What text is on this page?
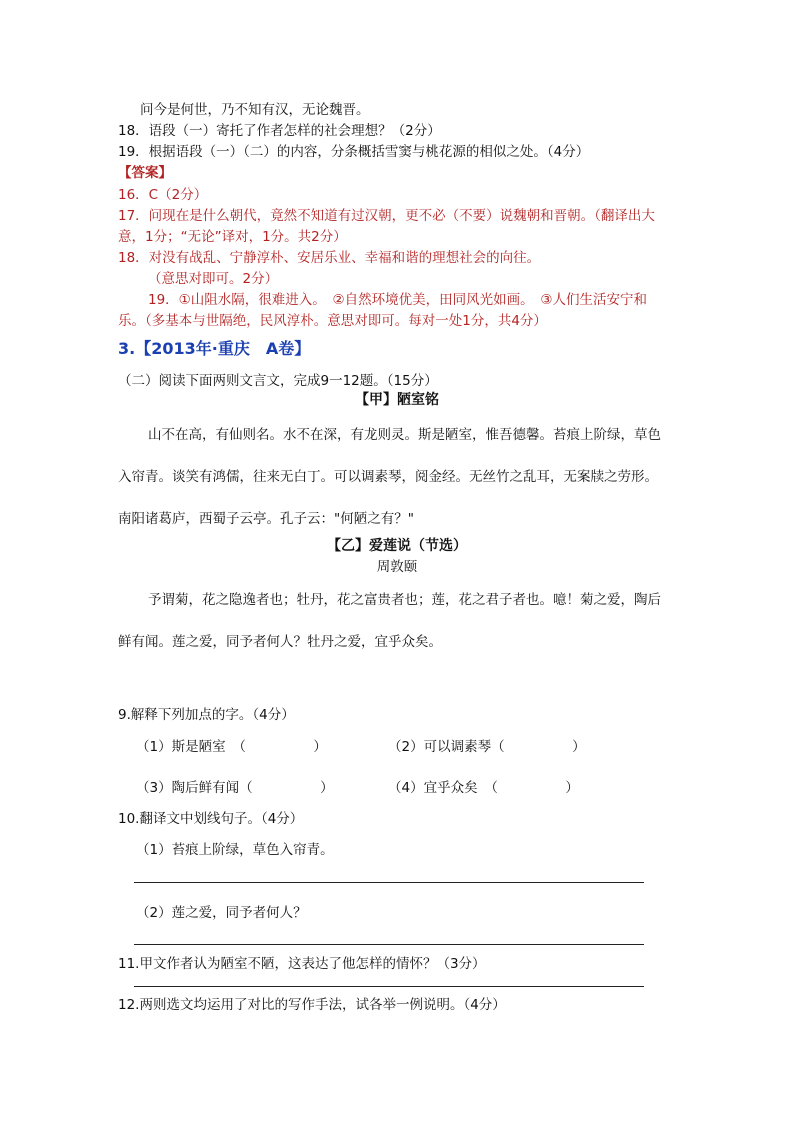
问今是何世，乃不知有汉，无论魏晋。
18．语段（一）寄托了作者怎样的社会理想？（2分）
19．根据语段（一）（二）的内容，分条概括雪窦与桃花源的相似之处。（4分）
【答案】
16．C（2分）
17．问现在是什么朝代，竟然不知道有过汉朝，更不必（不要）说魏朝和晋朝。（翻译出大
意，1分；“无论”译对，1分。共2分）
18．对没有战乱、宁静淳朴、安居乐业、幸福和谐的理想社会的向往。
（意思对即可。2分）
19．①山阻水隔，很难进入。　②自然环境优美，田同风光如画。　③人们生活安宁和
乐。（多基本与世隔绝，民风淳朴。意思对即可。每对一处1分，共4分）
3.【2013年·重庆　A卷】
（二）阅读下面两则文言文，完成9一12题。（15分）
【甲】陋室铭
山不在高，有仙则名。水不在深，有龙则灵。斯是陋室，惟吾德馨。苔痕上阶绿，草色
入帘青。谈笑有鸿儒，往来无白丁。可以调素琴，阅金经。无丝竹之乱耳，无案牍之劳形。
南阳诸葛庐，西蜀子云亭。孔子云："何陋之有？"
【乙】爱莲说（节选）
周敦颐
予谓菊，花之隐逸者也；牡丹，花之富贵者也；莲，花之君子者也。噫！菊之爱，陶后
鲜有闻。莲之爱，同予者何人？牡丹之爱，宜乎众矣。
9.解释下列加点的字。（4分）
（1）斯是陋室　（　　　　　）	（2）可以调素琴（　　　　　）
（3）陶后鲜有闻（　　　　　）	（4）宜乎众矣　（　　　　　）
10.翻译文中划线句子。（4分）
（1）苔痕上阶绿，草色入帘青。
（2）莲之爱，同予者何人？
11.甲文作者认为陋室不陋，这表达了他怎样的情怀？（3分）
12.两则选文均运用了对比的写作手法，试各举一例说明。（4分）
